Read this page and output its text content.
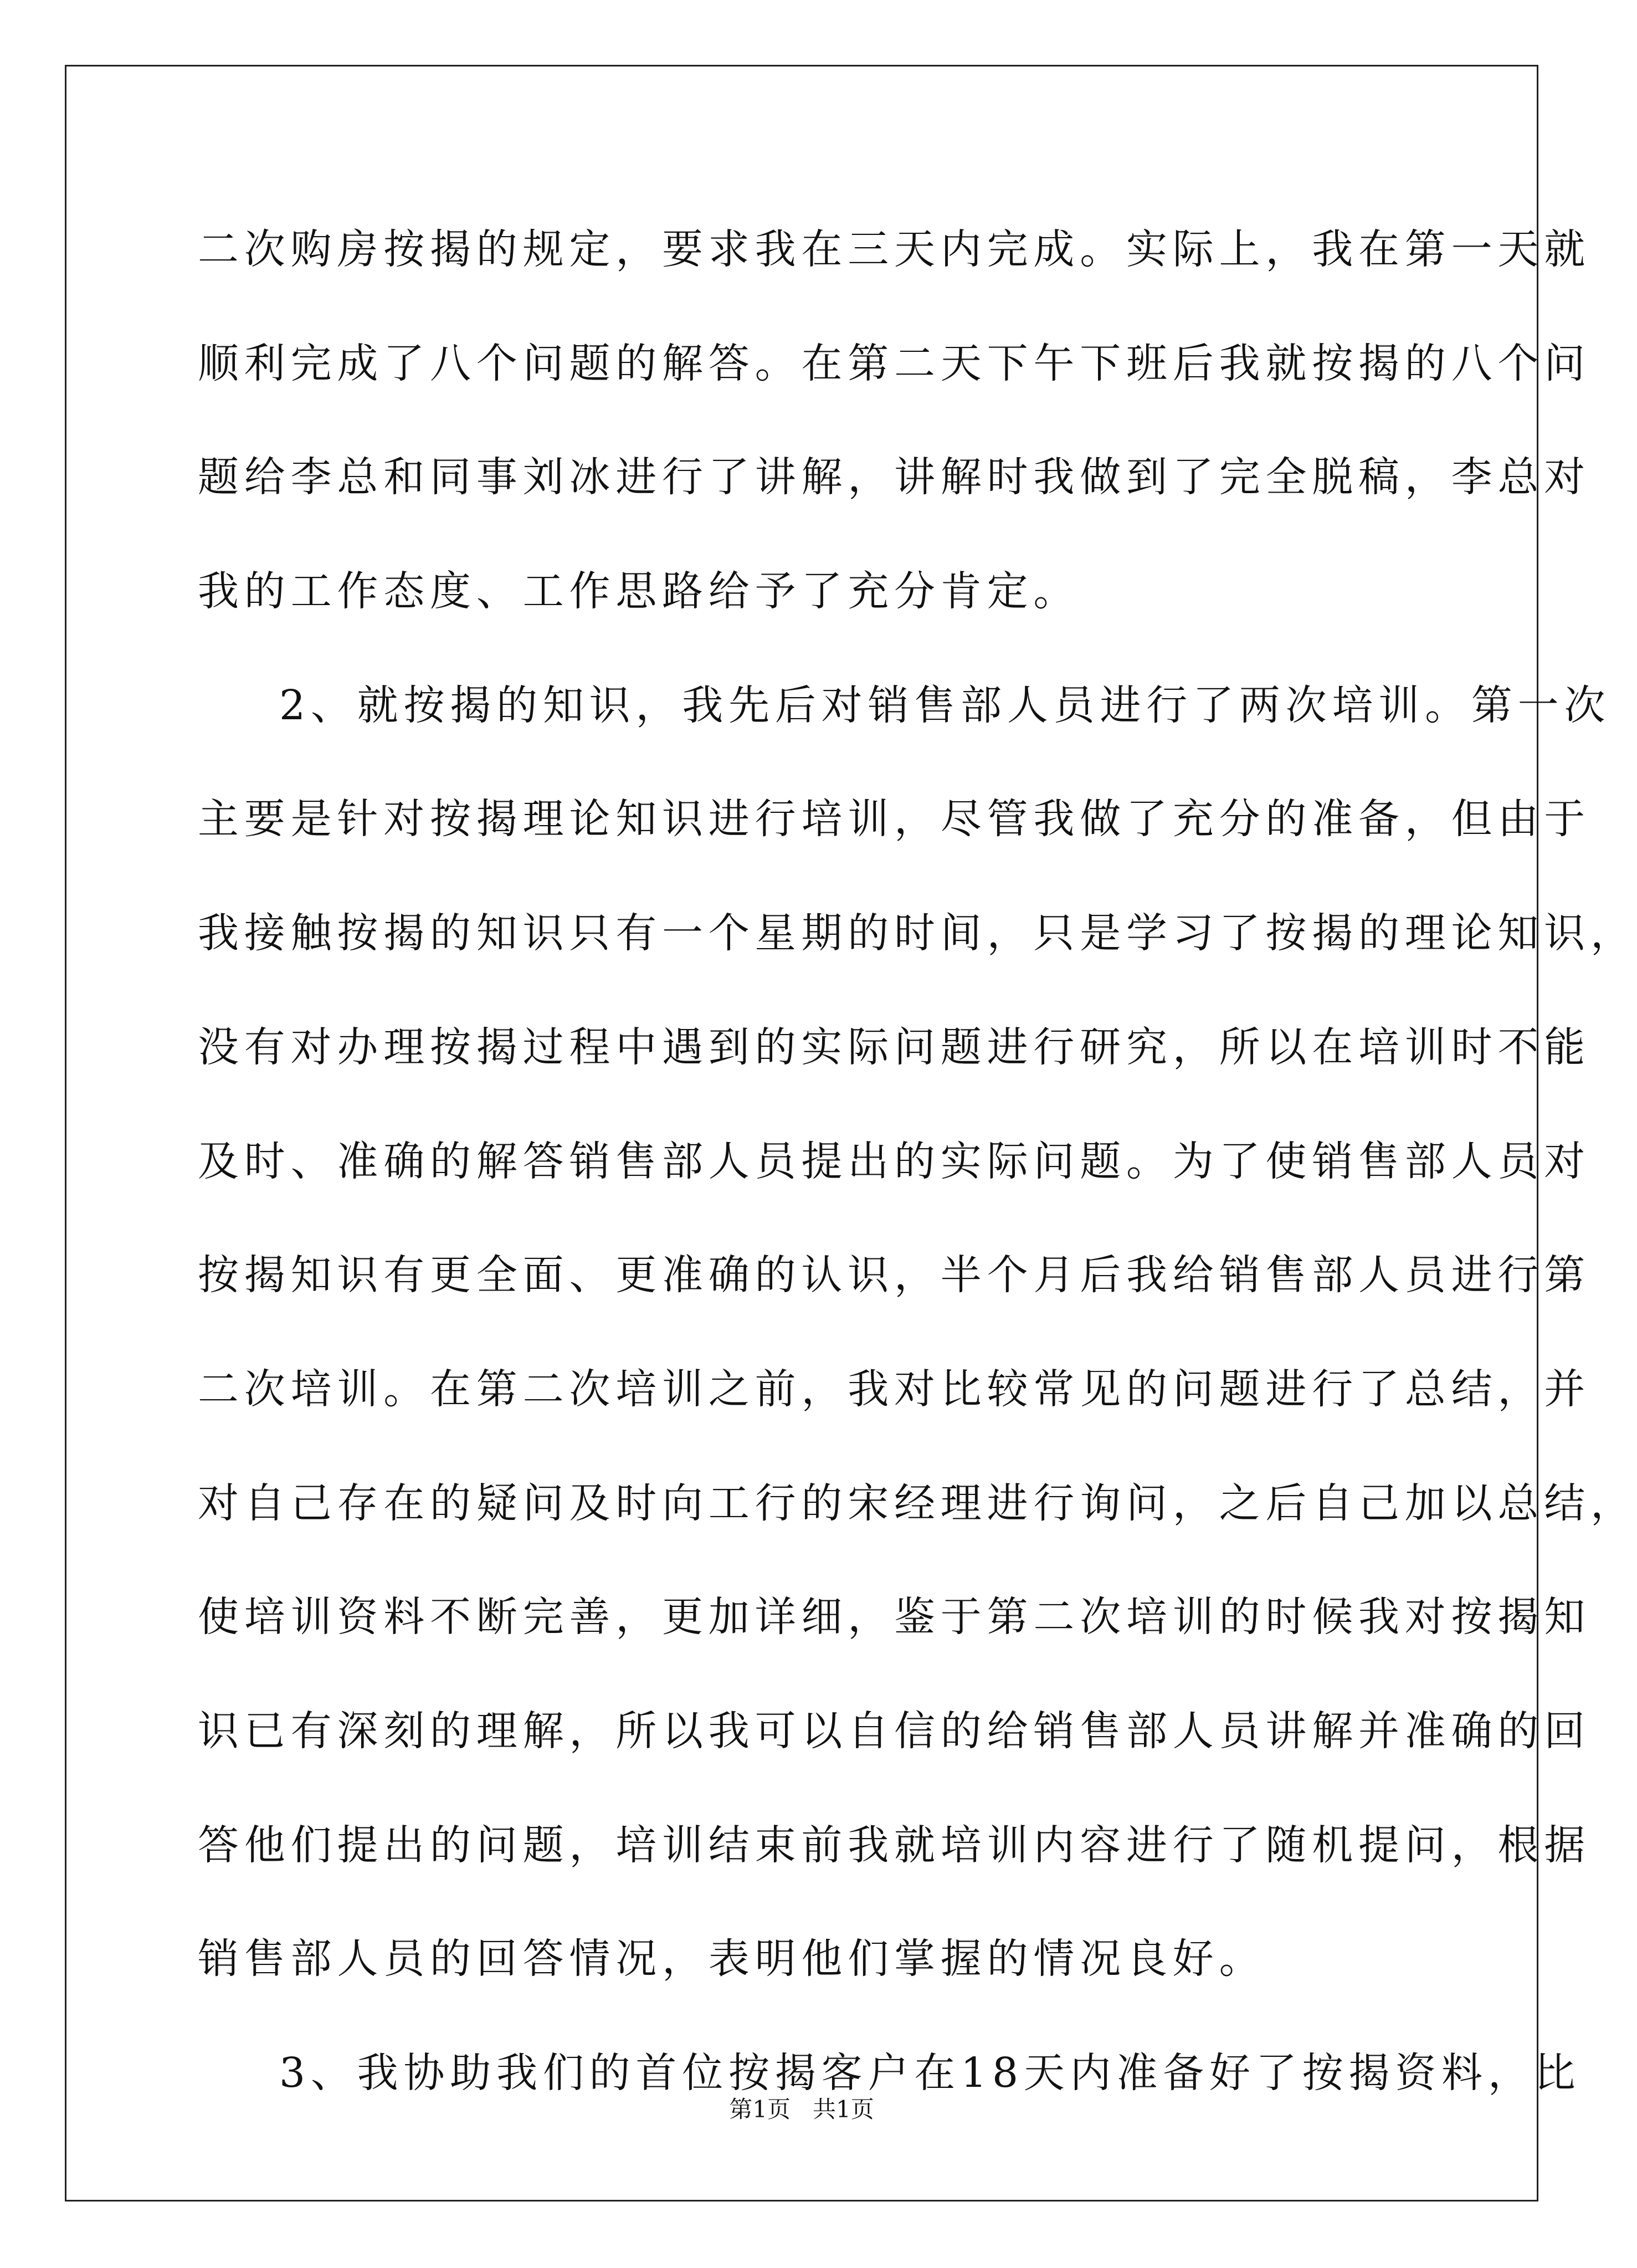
二次购房按揭的规定，要求我在三天内完成。实际上，我在第一天就
顺利完成了八个问题的解答。在第二天下午下班后我就按揭的八个问
题给李总和同事刘冰进行了讲解，讲解时我做到了完全脱稿，李总对
我的工作态度、工作思路给予了充分肯定。
2、就按揭的知识，我先后对销售部人员进行了两次培训。第一次
主要是针对按揭理论知识进行培训，尽管我做了充分的准备，但由于
我接触按揭的知识只有一个星期的时间，只是学习了按揭的理论知识，
没有对办理按揭过程中遇到的实际问题进行研究，所以在培训时不能
及时、准确的解答销售部人员提出的实际问题。为了使销售部人员对
按揭知识有更全面、更准确的认识，半个月后我给销售部人员进行第
二次培训。在第二次培训之前，我对比较常见的问题进行了总结，并
对自己存在的疑问及时向工行的宋经理进行询问，之后自己加以总结，
使培训资料不断完善，更加详细，鉴于第二次培训的时候我对按揭知
识已有深刻的理解，所以我可以自信的给销售部人员讲解并准确的回
答他们提出的问题，培训结束前我就培训内容进行了随机提问，根据
销售部人员的回答情况，表明他们掌握的情况良好。
3、我协助我们的首位按揭客户在18天内准备好了按揭资料，比
第1页   共1页
